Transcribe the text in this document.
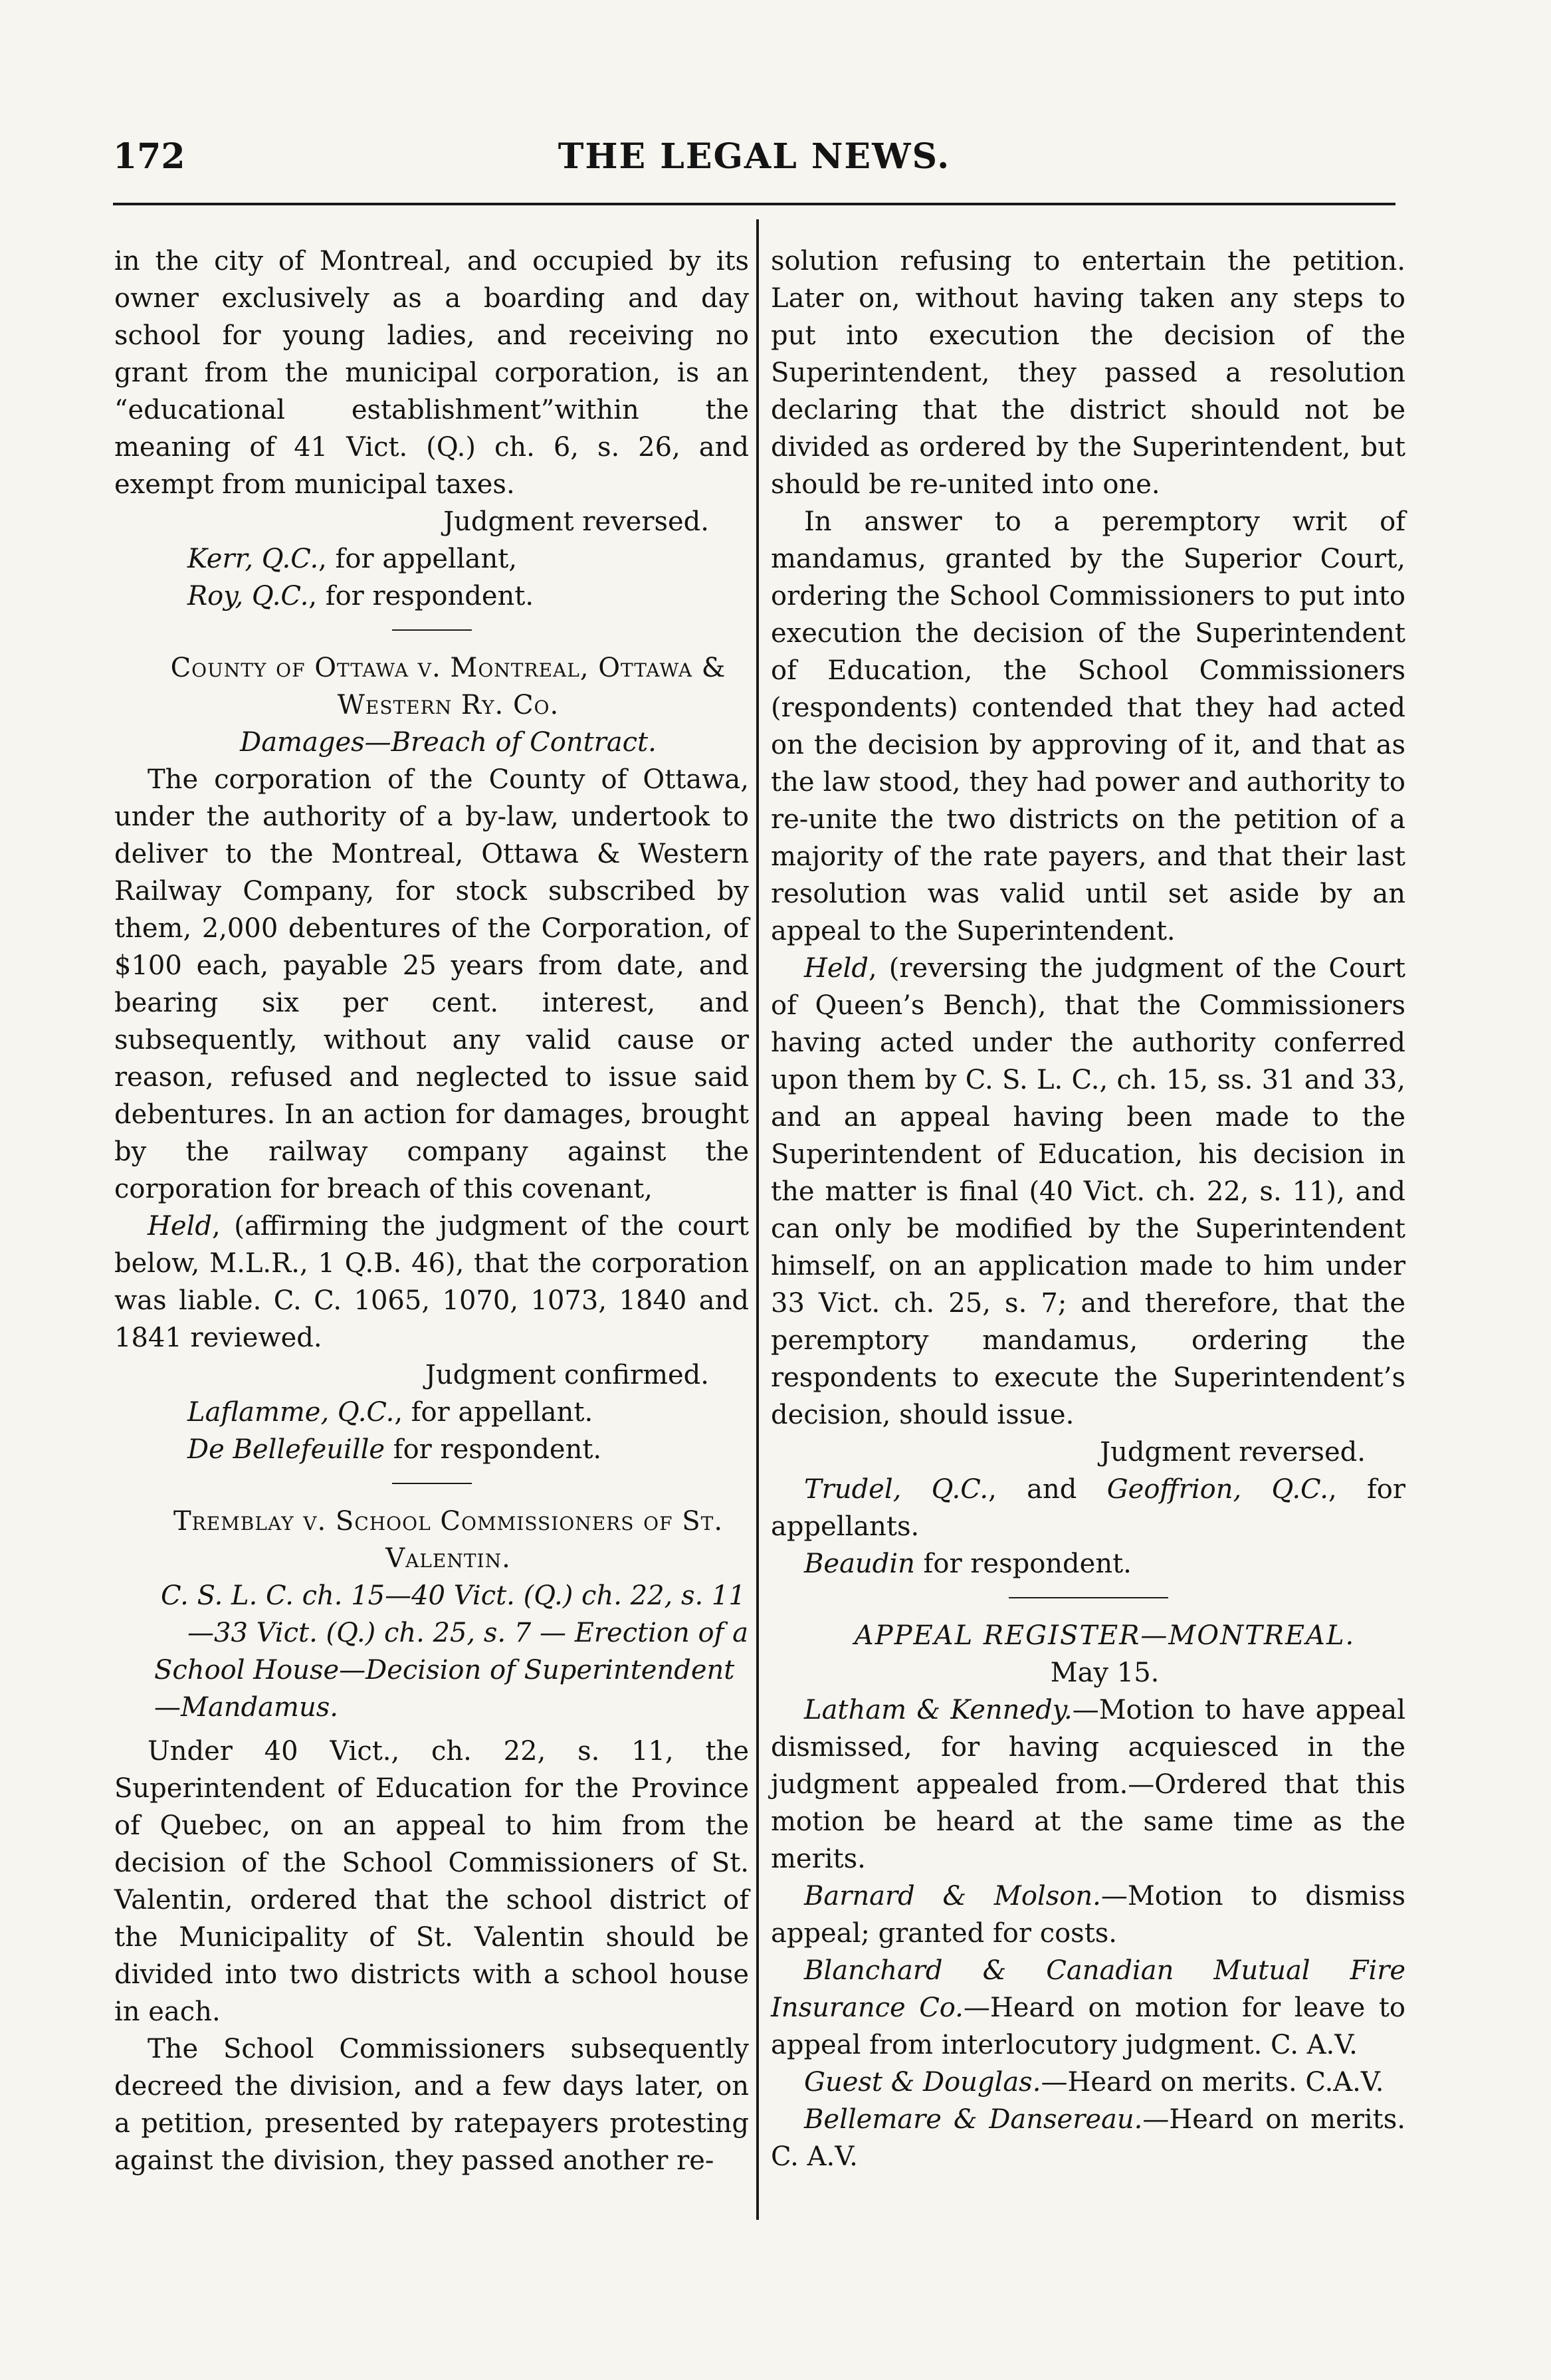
172	THE LEGAL NEWS.

in the city of Montreal, and occupied by its owner exclusively as a boarding and day school for young ladies, and receiving no grant from the municipal corporation, is an “educational establishment”within the meaning of 41 Vict. (Q.) ch. 6, s. 26, and exempt from municipal taxes.

Judgment reversed.

Kerr, Q.C., for appellant,

Roy, Q.C., for respondent.

County of Ottawa v. Montreal, Ottawa &

Western Ry. Co.

Damages—Breach of Contract.

The corporation of the County of Ottawa, under the authority of a by-law, undertook to deliver to the Montreal, Ottawa & Western Railway Company, for stock subscribed by them, 2,000 debentures of the Corporation, of $100 each, payable 25 years from date, and bearing six per cent. interest, and subsequently, without any valid cause or reason, refused and neglected to issue said debentures. In an action for damages, brought by the railway company against the corporation for breach of this covenant,

Held, (affirming the judgment of the court below, M.L.R., 1 Q.B. 46), that the corporation was liable. C. C. 1065, 1070, 1073, 1840 and 1841 reviewed.

Judgment confirmed.

Laflamme, Q.C., for appellant.

De Bellefeuille for respondent.

Tremblay v. School Commissioners of St.

Valentin.

C. S. L. C. ch. 15—40 Vict. (Q.) ch. 22, s. 11

—33 Vict. (Q.) ch. 25, s. 7 — Erection of a School House—Decision of Superintendent—Mandamus.

Under 40 Vict., ch. 22, s. 11, the Superintendent of Education for the Province of Quebec, on an appeal to him from the decision of the School Commissioners of St. Valentin, ordered that the school district of the Municipality of St. Valentin should be divided into two districts with a school house in each.

The School Commissioners subsequently decreed the division, and a few days later, on a petition, presented by ratepayers protesting against the division, they passed another re-

solution refusing to entertain the petition. Later on, without having taken any steps to put into execution the decision of the Superintendent, they passed a resolution declaring that the district should not be divided as ordered by the Superintendent, but should be re-united into one.

In answer to a peremptory writ of mandamus, granted by the Superior Court, ordering the School Commissioners to put into execution the decision of the Superintendent of Education, the School Commissioners (respondents) contended that they had acted on the decision by approving of it, and that as the law stood, they had power and authority to re-unite the two districts on the petition of a majority of the rate payers, and that their last resolution was valid until set aside by an appeal to the Superintendent.

Held, (reversing the judgment of the Court of Queen’s Bench), that the Commissioners having acted under the authority conferred upon them by C. S. L. C., ch. 15, ss. 31 and 33, and an appeal having been made to the Superintendent of Education, his decision in the matter is final (40 Vict. ch. 22, s. 11), and can only be modified by the Superintendent himself, on an application made to him under 33 Vict. ch. 25, s. 7; and therefore, that the peremptory mandamus, ordering the respondents to execute the Superintendent’s decision, should issue.

Judgment reversed.

Trudel, Q.C., and Geoffrion, Q.C., for appellants.

Beaudin for respondent.

APPEAL REGISTER—MONTREAL.

May 15.

Latham & Kennedy.—Motion to have appeal dismissed, for having acquiesced in the judgment appealed from.—Ordered that this motion be heard at the same time as the merits.

Barnard & Molson.—Motion to dismiss appeal; granted for costs.

Blanchard & Canadian Mutual Fire Insurance Co.—Heard on motion for leave to appeal from interlocutory judgment. C. A.V.

Guest & Douglas.—Heard on merits. C.A.V.

Bellemare & Dansereau.—Heard on merits. C. A.V.
